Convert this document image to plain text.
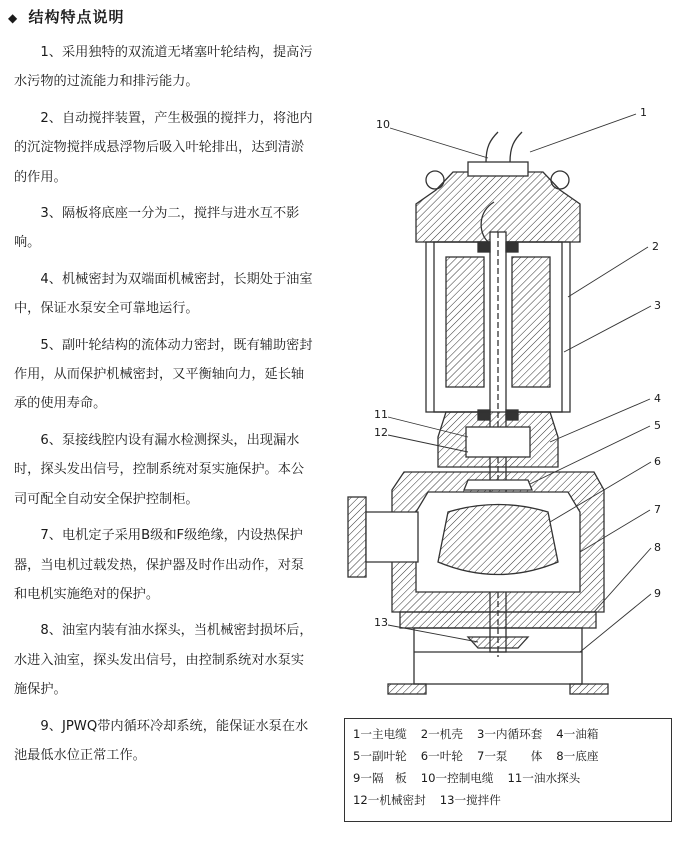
◆ 结构特点说明

1、采用独特的双流道无堵塞叶轮结构，提高污水污物的过流能力和排污能力。

2、自动搅拌装置，产生极强的搅拌力，将池内的沉淀物搅拌成悬浮物后吸入叶轮排出，达到清淤的作用。

3、隔板将底座一分为二，搅拌与进水互不影响。

4、机械密封为双端面机械密封，长期处于油室中，保证水泵安全可靠地运行。

5、副叶轮结构的流体动力密封，既有辅助密封作用，从而保护机械密封，又平衡轴向力，延长轴承的使用寿命。

6、泵接线腔内设有漏水检测探头，出现漏水时，探头发出信号，控制系统对泵实施保护。本公司可配全自动安全保护控制柜。

7、电机定子采用B级和F级绝缘，内设热保护器，当电机过载发热，保护器及时作出动作，对泵和电机实施绝对的保护。

8、油室内装有油水探头，当机械密封损坏后，水进入油室，探头发出信号，由控制系统对水泵实施保护。

9、JPWQ带内循环冷却系统，能保证水泵在水池最低水位正常工作。

1
2
3
4
5
6
7
8
9
10
11
12
13
1一主电缆 2一机壳 3一内循环套 4一油箱
5一副叶轮 6一叶轮 7一泵　　体 8一底座
9一隔　板 10一控制电缆 11一油水探头
12一机械密封 13一搅拌件
